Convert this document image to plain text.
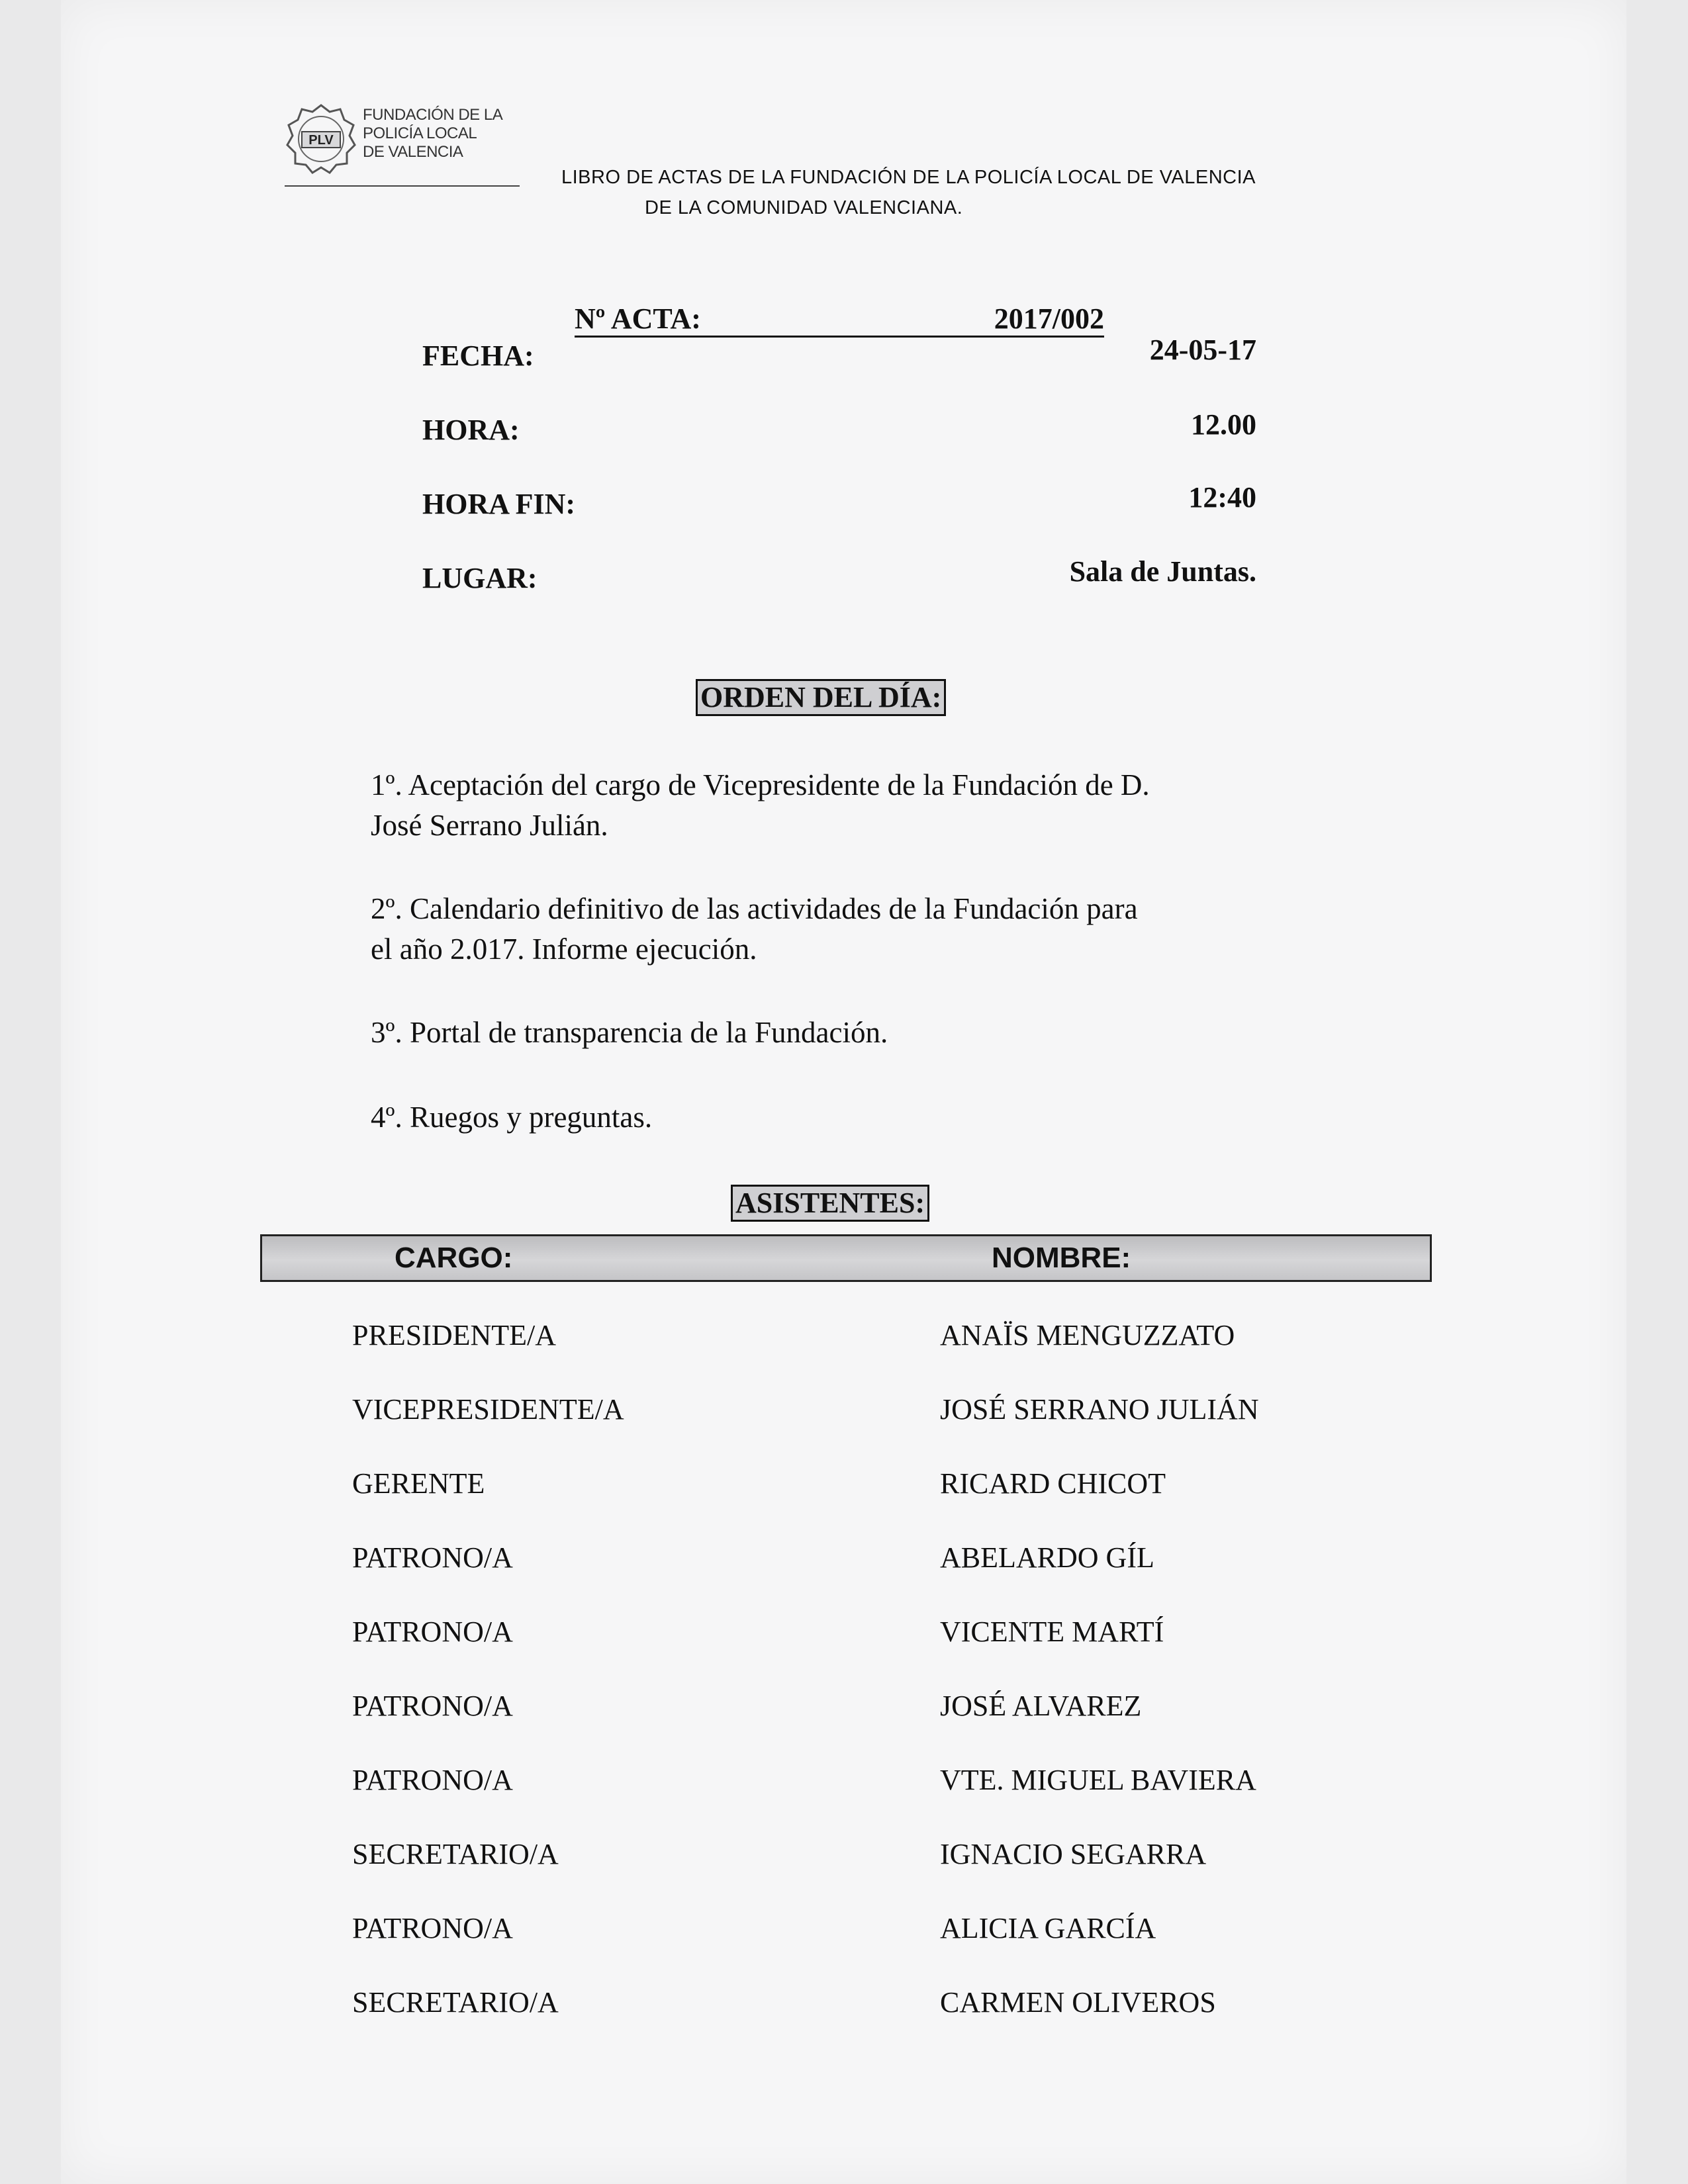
PLV
FUNDACIÓN DE LA
POLICÍA LOCAL
DE VALENCIA
LIBRO DE ACTAS DE LA FUNDACIÓN DE LA POLICÍA LOCAL DE VALENCIA
DE LA COMUNIDAD VALENCIANA.
Nº ACTA:	2017/002
FECHA:	24-05-17
HORA:	12.00
HORA FIN:	12:40
LUGAR:	Sala de Juntas.
ORDEN DEL DÍA:
1º. Aceptación del cargo de Vicepresidente de la Fundación de D.
José Serrano Julián.
2º. Calendario definitivo de las actividades de la Fundación para
el año 2.017. Informe ejecución.
3º. Portal de transparencia de la Fundación.
4º. Ruegos y preguntas.
ASISTENTES:
CARGO:	NOMBRE:
PRESIDENTE/A	ANAÏS MENGUZZATO
VICEPRESIDENTE/A	JOSÉ SERRANO JULIÁN
GERENTE	RICARD CHICOT
PATRONO/A	ABELARDO GÍL
PATRONO/A	VICENTE MARTÍ
PATRONO/A	JOSÉ ALVAREZ
PATRONO/A	VTE. MIGUEL BAVIERA
SECRETARIO/A	IGNACIO SEGARRA
PATRONO/A	ALICIA GARCÍA
SECRETARIO/A	CARMEN OLIVEROS
